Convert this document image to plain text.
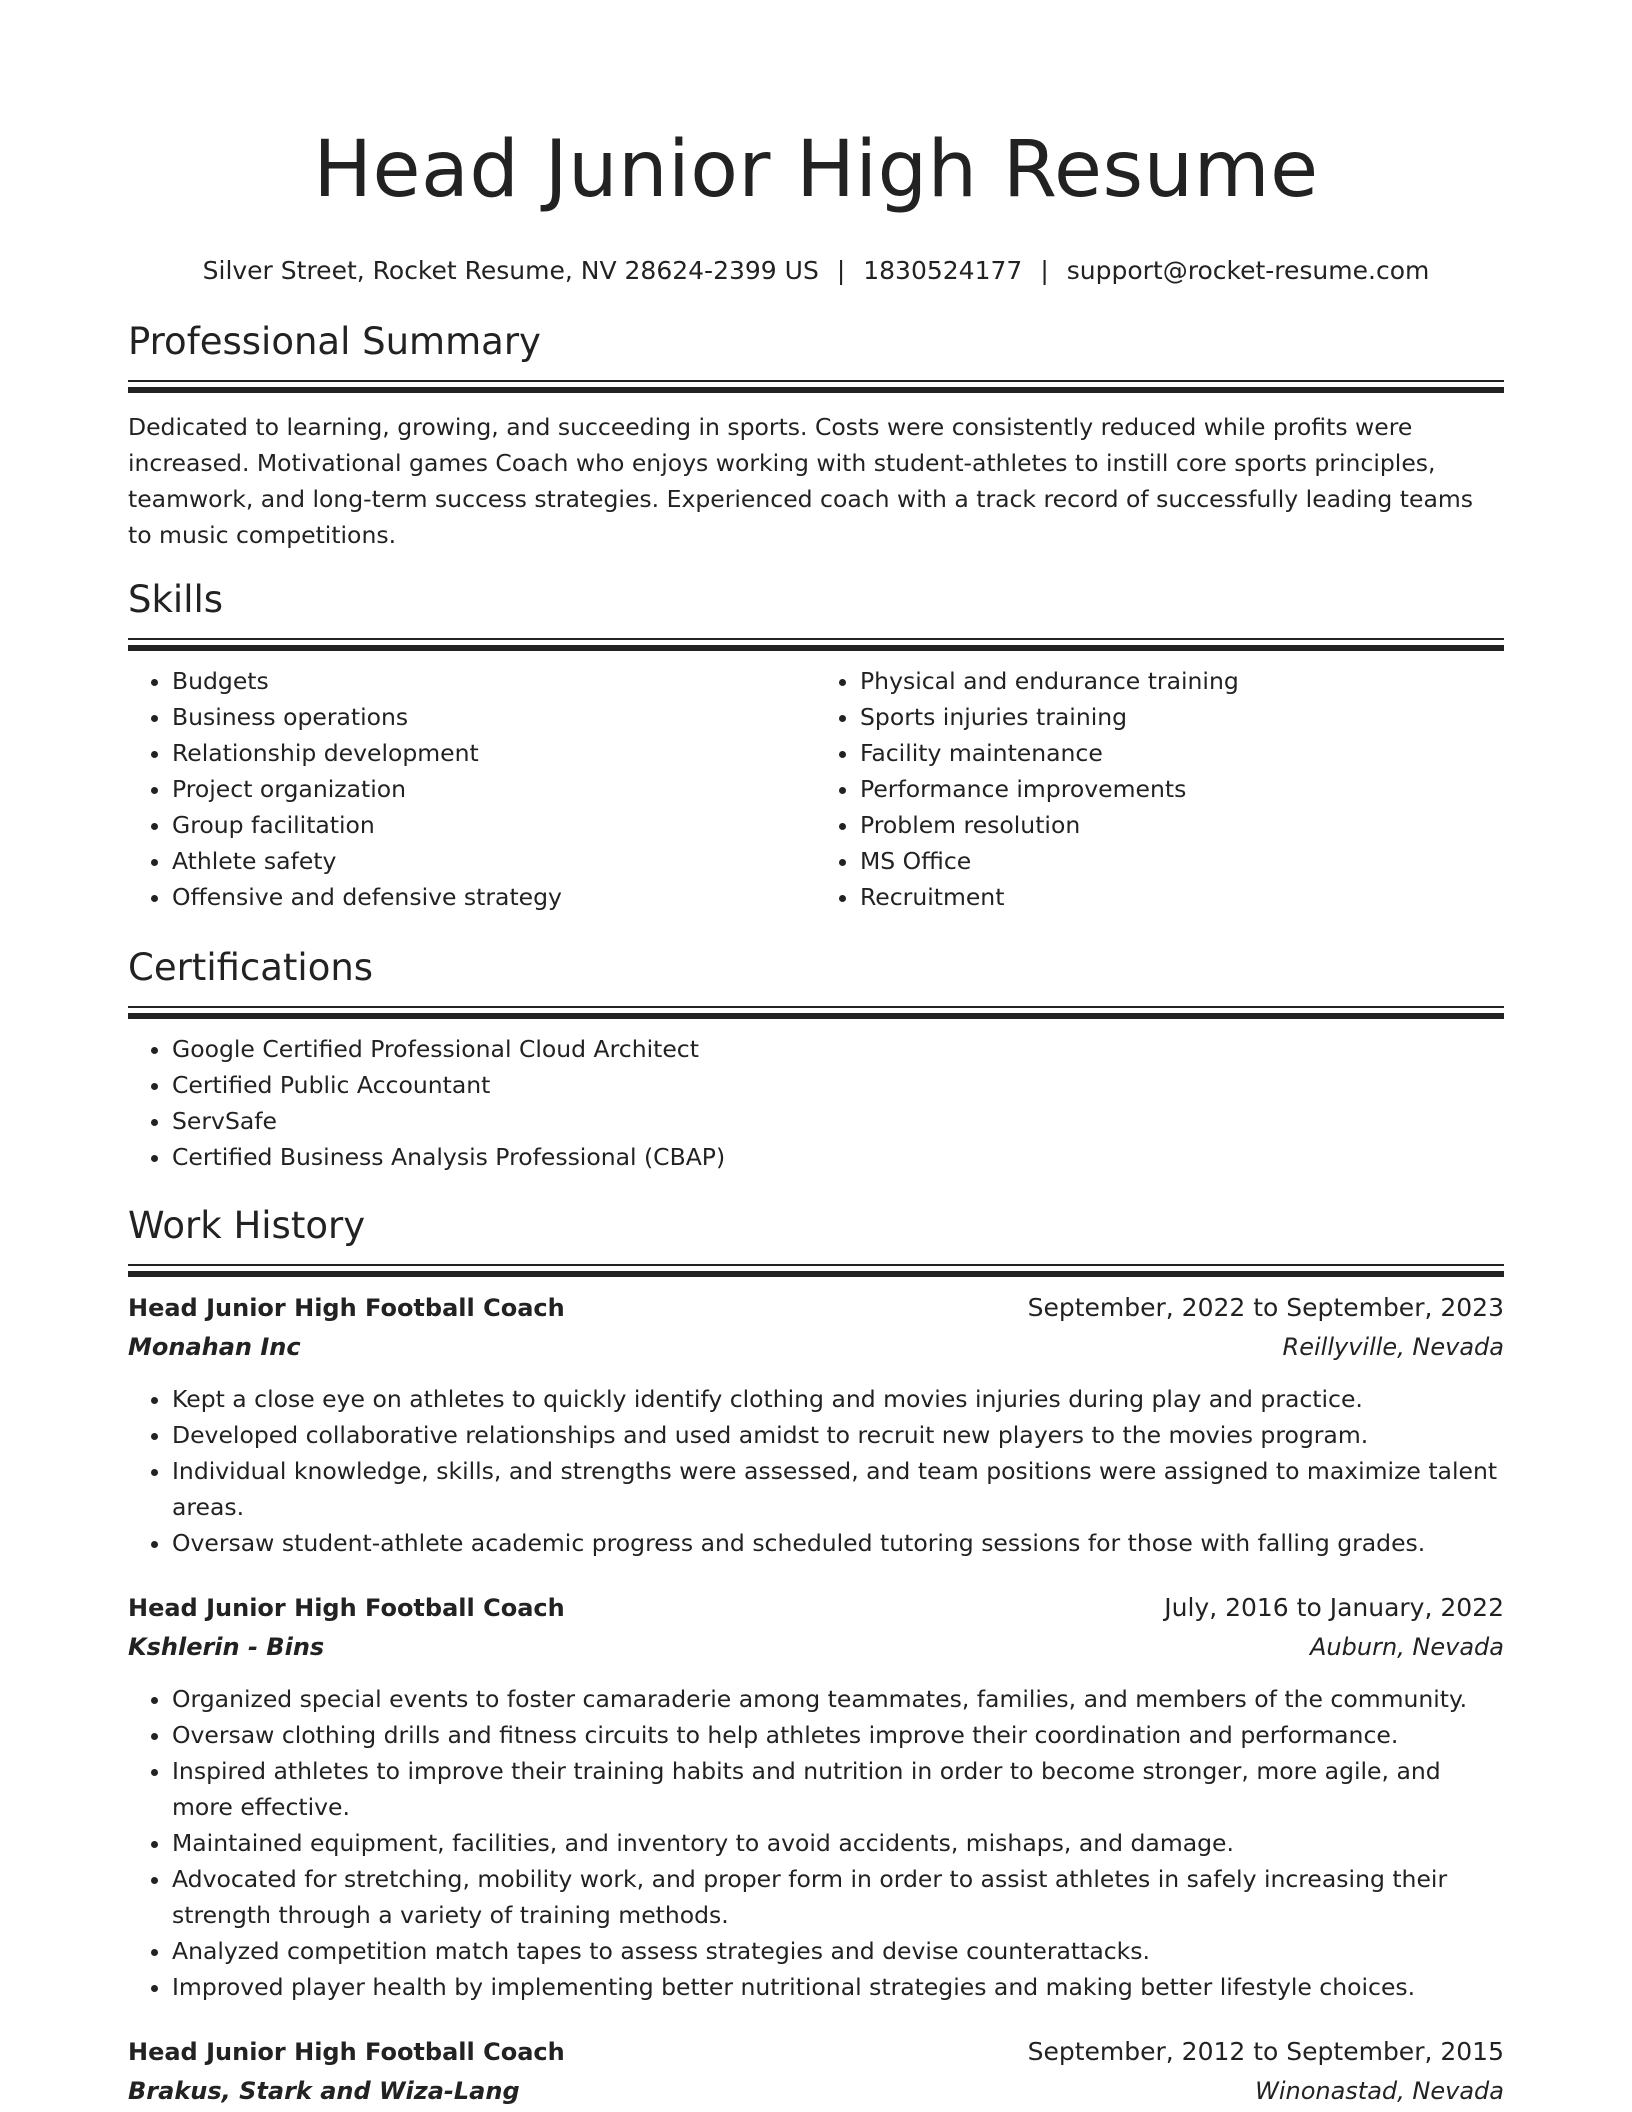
Head Junior High Resume
Silver Street, Rocket Resume, NV 28624-2399 US | 1830524177 | support@rocket-resume.com
Professional Summary

Dedicated to learning, growing, and succeeding in sports. Costs were consistently reduced while profits were increased. Motivational games Coach who enjoys working with student-athletes to instill core sports principles, teamwork, and long-term success strategies. Experienced coach with a track record of successfully leading teams to music competitions.

Skills
• Budgets
• Business operations
• Relationship development
• Project organization
• Group facilitation
• Athlete safety
• Offensive and defensive strategy
• Physical and endurance training
• Sports injuries training
• Facility maintenance
• Performance improvements
• Problem resolution
• MS Office
• Recruitment
Certifications
• Google Certified Professional Cloud Architect
• Certified Public Accountant
• ServSafe
• Certified Business Analysis Professional (CBAP)
Work History
Head Junior High Football Coach	September, 2022 to September, 2023
Monahan Inc	Reillyville, Nevada
• Kept a close eye on athletes to quickly identify clothing and movies injuries during play and practice.
• Developed collaborative relationships and used amidst to recruit new players to the movies program.
• Individual knowledge, skills, and strengths were assessed, and team positions were assigned to maximize talent areas.
• Oversaw student-athlete academic progress and scheduled tutoring sessions for those with falling grades.
Head Junior High Football Coach	July, 2016 to January, 2022
Kshlerin - Bins	Auburn, Nevada
• Organized special events to foster camaraderie among teammates, families, and members of the community.
• Oversaw clothing drills and fitness circuits to help athletes improve their coordination and performance.
• Inspired athletes to improve their training habits and nutrition in order to become stronger, more agile, and more effective.
• Maintained equipment, facilities, and inventory to avoid accidents, mishaps, and damage.
• Advocated for stretching, mobility work, and proper form in order to assist athletes in safely increasing their strength through a variety of training methods.
• Analyzed competition match tapes to assess strategies and devise counterattacks.
• Improved player health by implementing better nutritional strategies and making better lifestyle choices.
Head Junior High Football Coach	September, 2012 to September, 2015
Brakus, Stark and Wiza-Lang	Winonastad, Nevada
